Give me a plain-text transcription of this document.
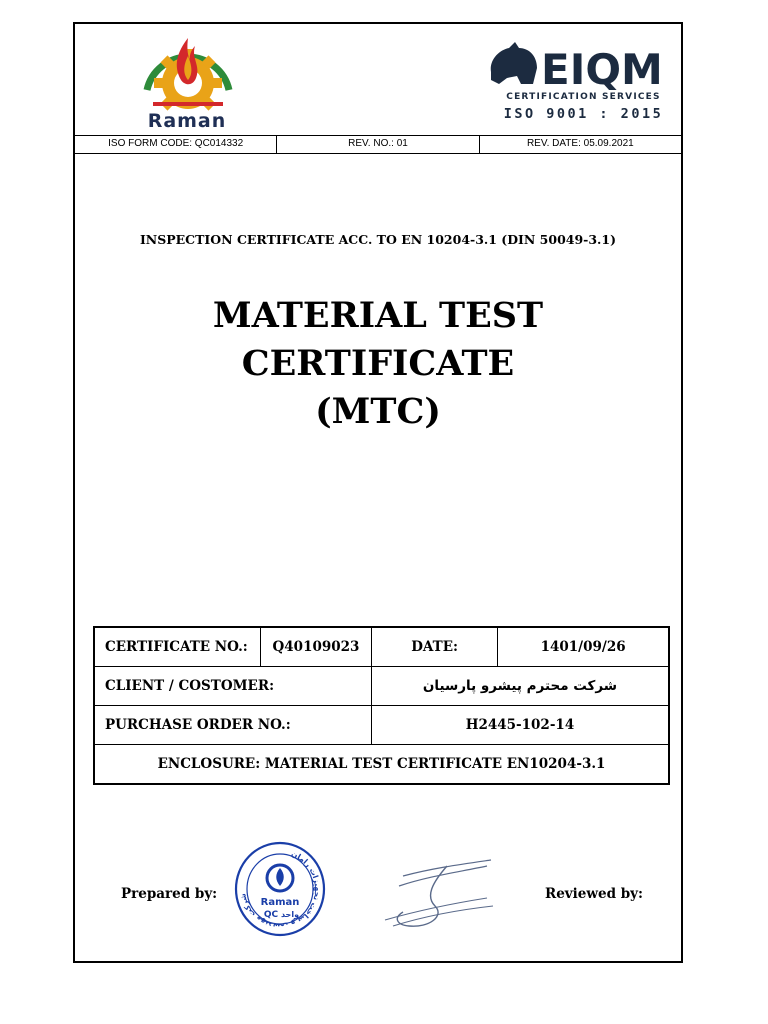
Raman
EIQM
CERTIFICATION SERVICES
ISO 9001 : 2015
ISO FORM CODE: QC014332	REV. NO.: 01	REV. DATE: 05.09.2021
INSPECTION CERTIFICATE ACC. TO EN 10204-3.1 (DIN 50049-3.1)
MATERIAL TEST CERTIFICATE
(MTC)
CERTIFICATE NO.:	Q40109023	DATE:	1401/09/26
CLIENT / COSTOMER:		شرکت محترم پیشرو پارسیان	
PURCHASE ORDER NO.:		H2445-102-14	
ENCLOSURE: MATERIAL TEST CERTIFICATE EN10204-3.1			
Prepared by:
شرکت مهندسی و ساخت تجهیزات رامان	Raman
QC واحد
Reviewed by:
